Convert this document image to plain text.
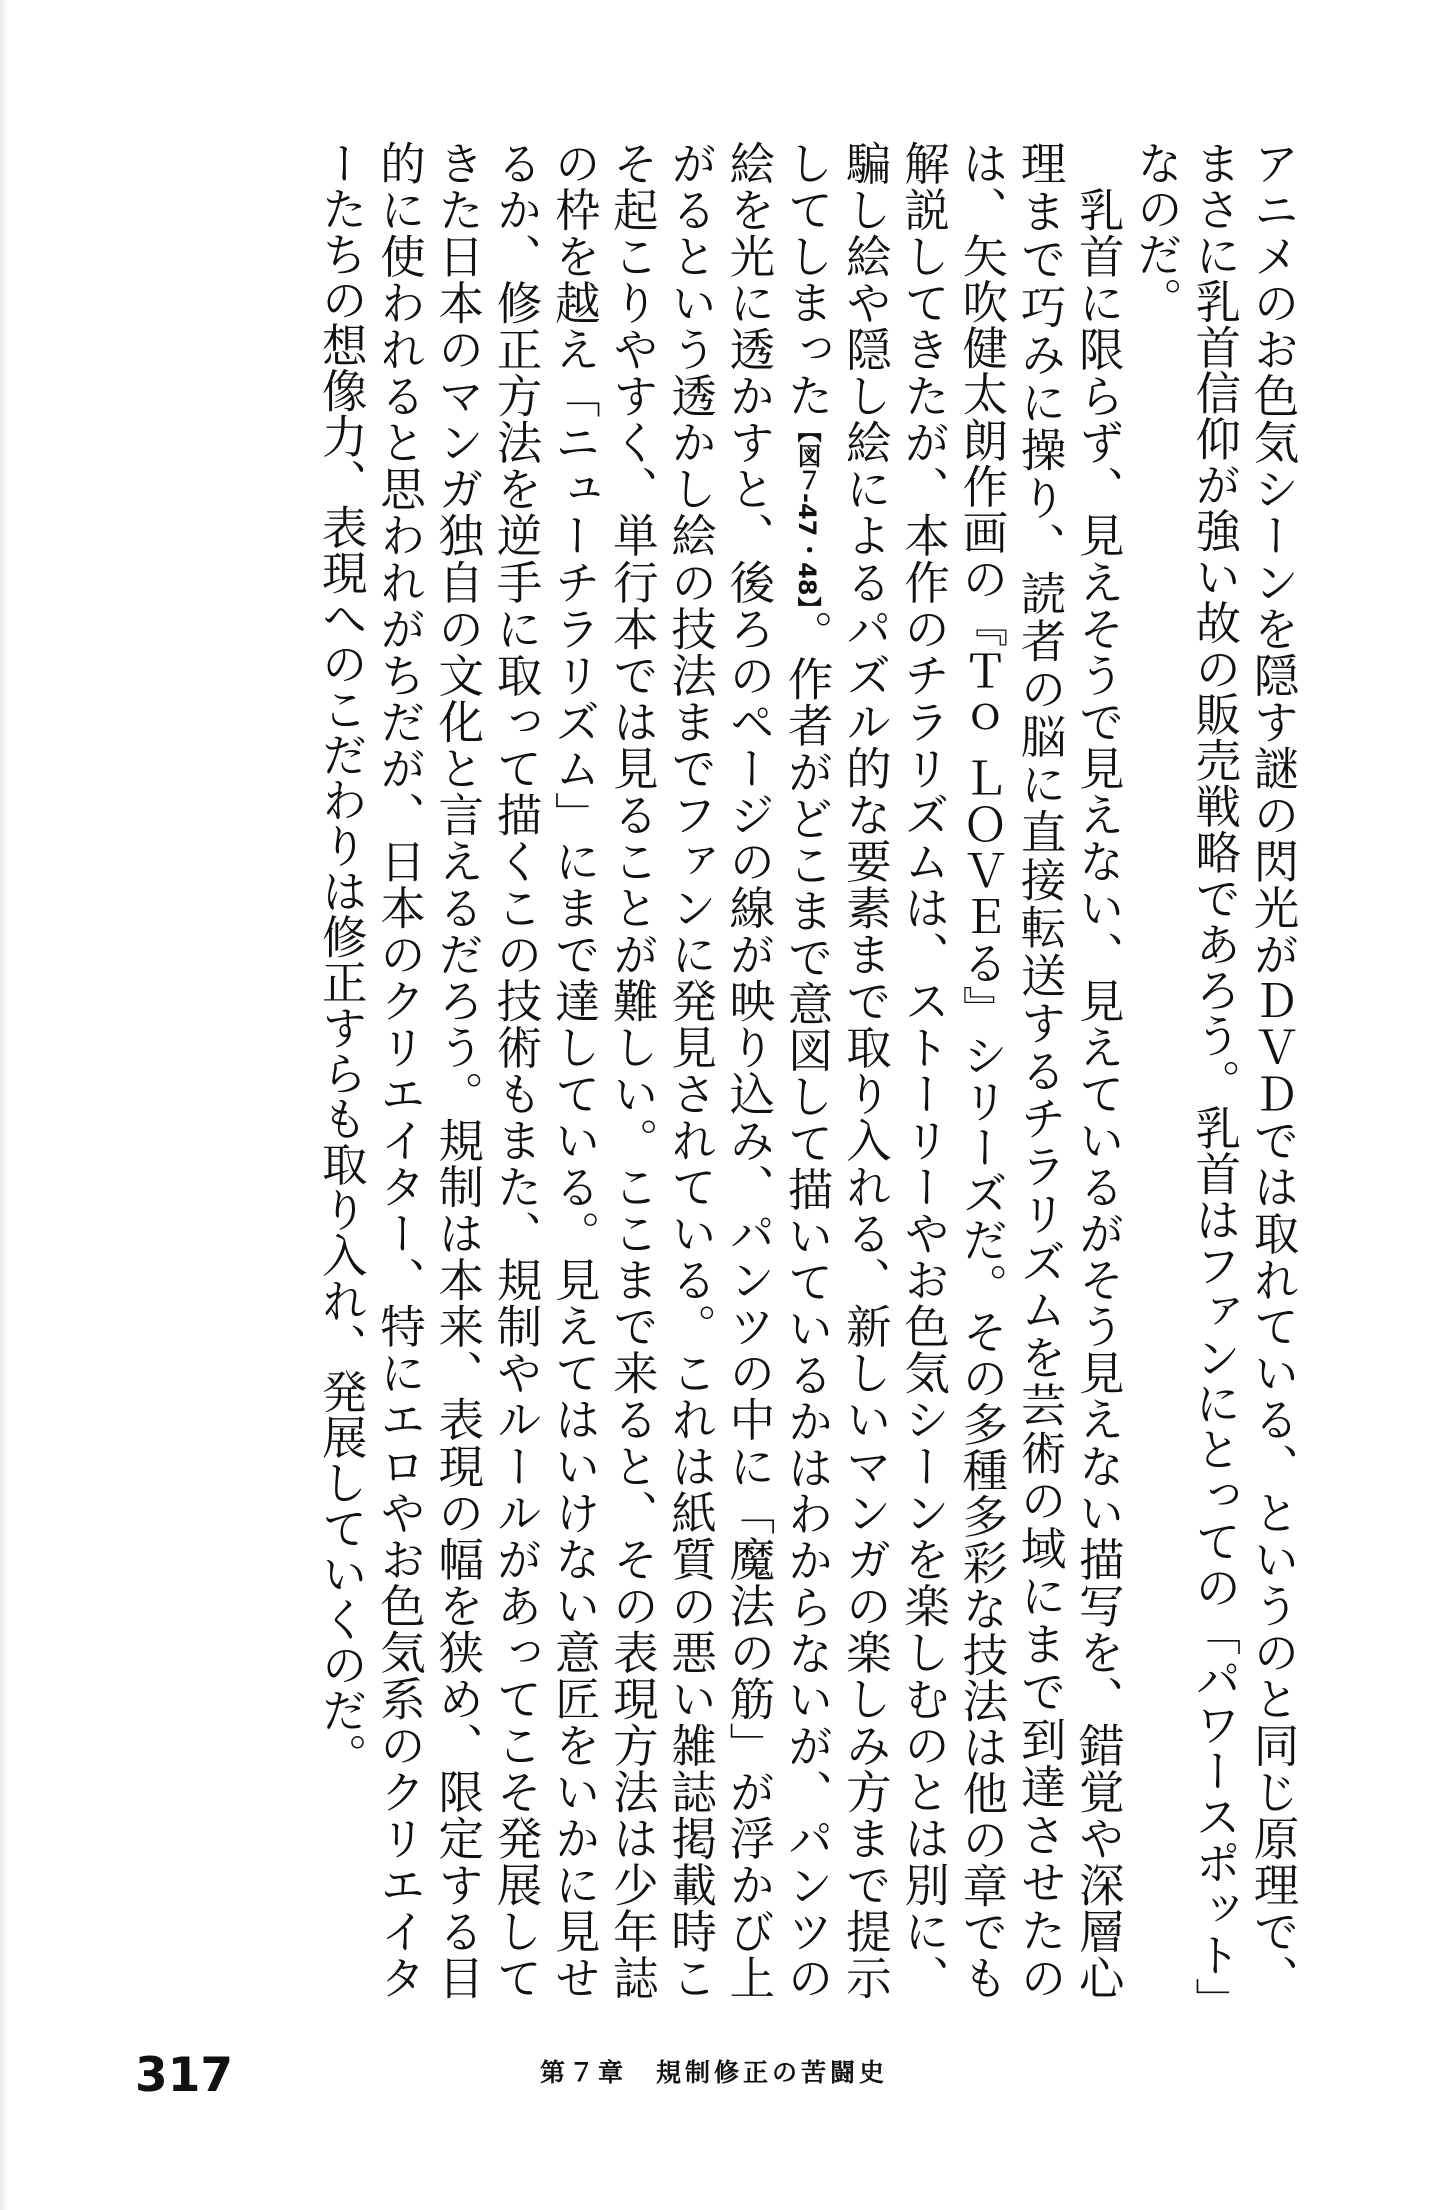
アニメのお色気シーンを隠す謎の閃光がＤＶＤでは取れている、というのと同じ原理で、まさに乳首信仰が強い故の販売戦略であろう。乳首はファンにとっての「パワースポット」なのだ。

　乳首に限らず、見えそうで見えない、見えているがそう見えない描写を、錯覚や深層心理まで巧みに操り、読者の脳に直接転送するチラリズムを芸術の域にまで到達させたのは、矢吹健太朗作画の『Ｔｏ ＬＯＶＥる』シリーズだ。その多種多彩な技法は他の章でも解説してきたが、本作のチラリズムは、ストーリーやお色気シーンを楽しむのとは別に、騙し絵や隠し絵によるパズル的な要素まで取り入れる、新しいマンガの楽しみ方まで提示してしまった【図７-47・48】。作者がどこまで意図して描いているかはわからないが、パンツの絵を光に透かすと、後ろのページの線が映り込み、パンツの中に「魔法の筋」が浮かび上がるという透かし絵の技法までファンに発見されている。これは紙質の悪い雑誌掲載時こそ起こりやすく、単行本では見ることが難しい。ここまで来ると、その表現方法は少年誌の枠を越え「ニューチラリズム」にまで達している。見えてはいけない意匠をいかに見せるか、修正方法を逆手に取って描くこの技術もまた、規制やルールがあってこそ発展してきた日本のマンガ独自の文化と言えるだろう。規制は本来、表現の幅を狭め、限定する目的に使われると思われがちだが、日本のクリエイター、特にエロやお色気系のクリエイターたちの想像力、表現へのこだわりは修正すらも取り入れ、発展していくのだ。

317	第７章　規制修正の苦闘史
